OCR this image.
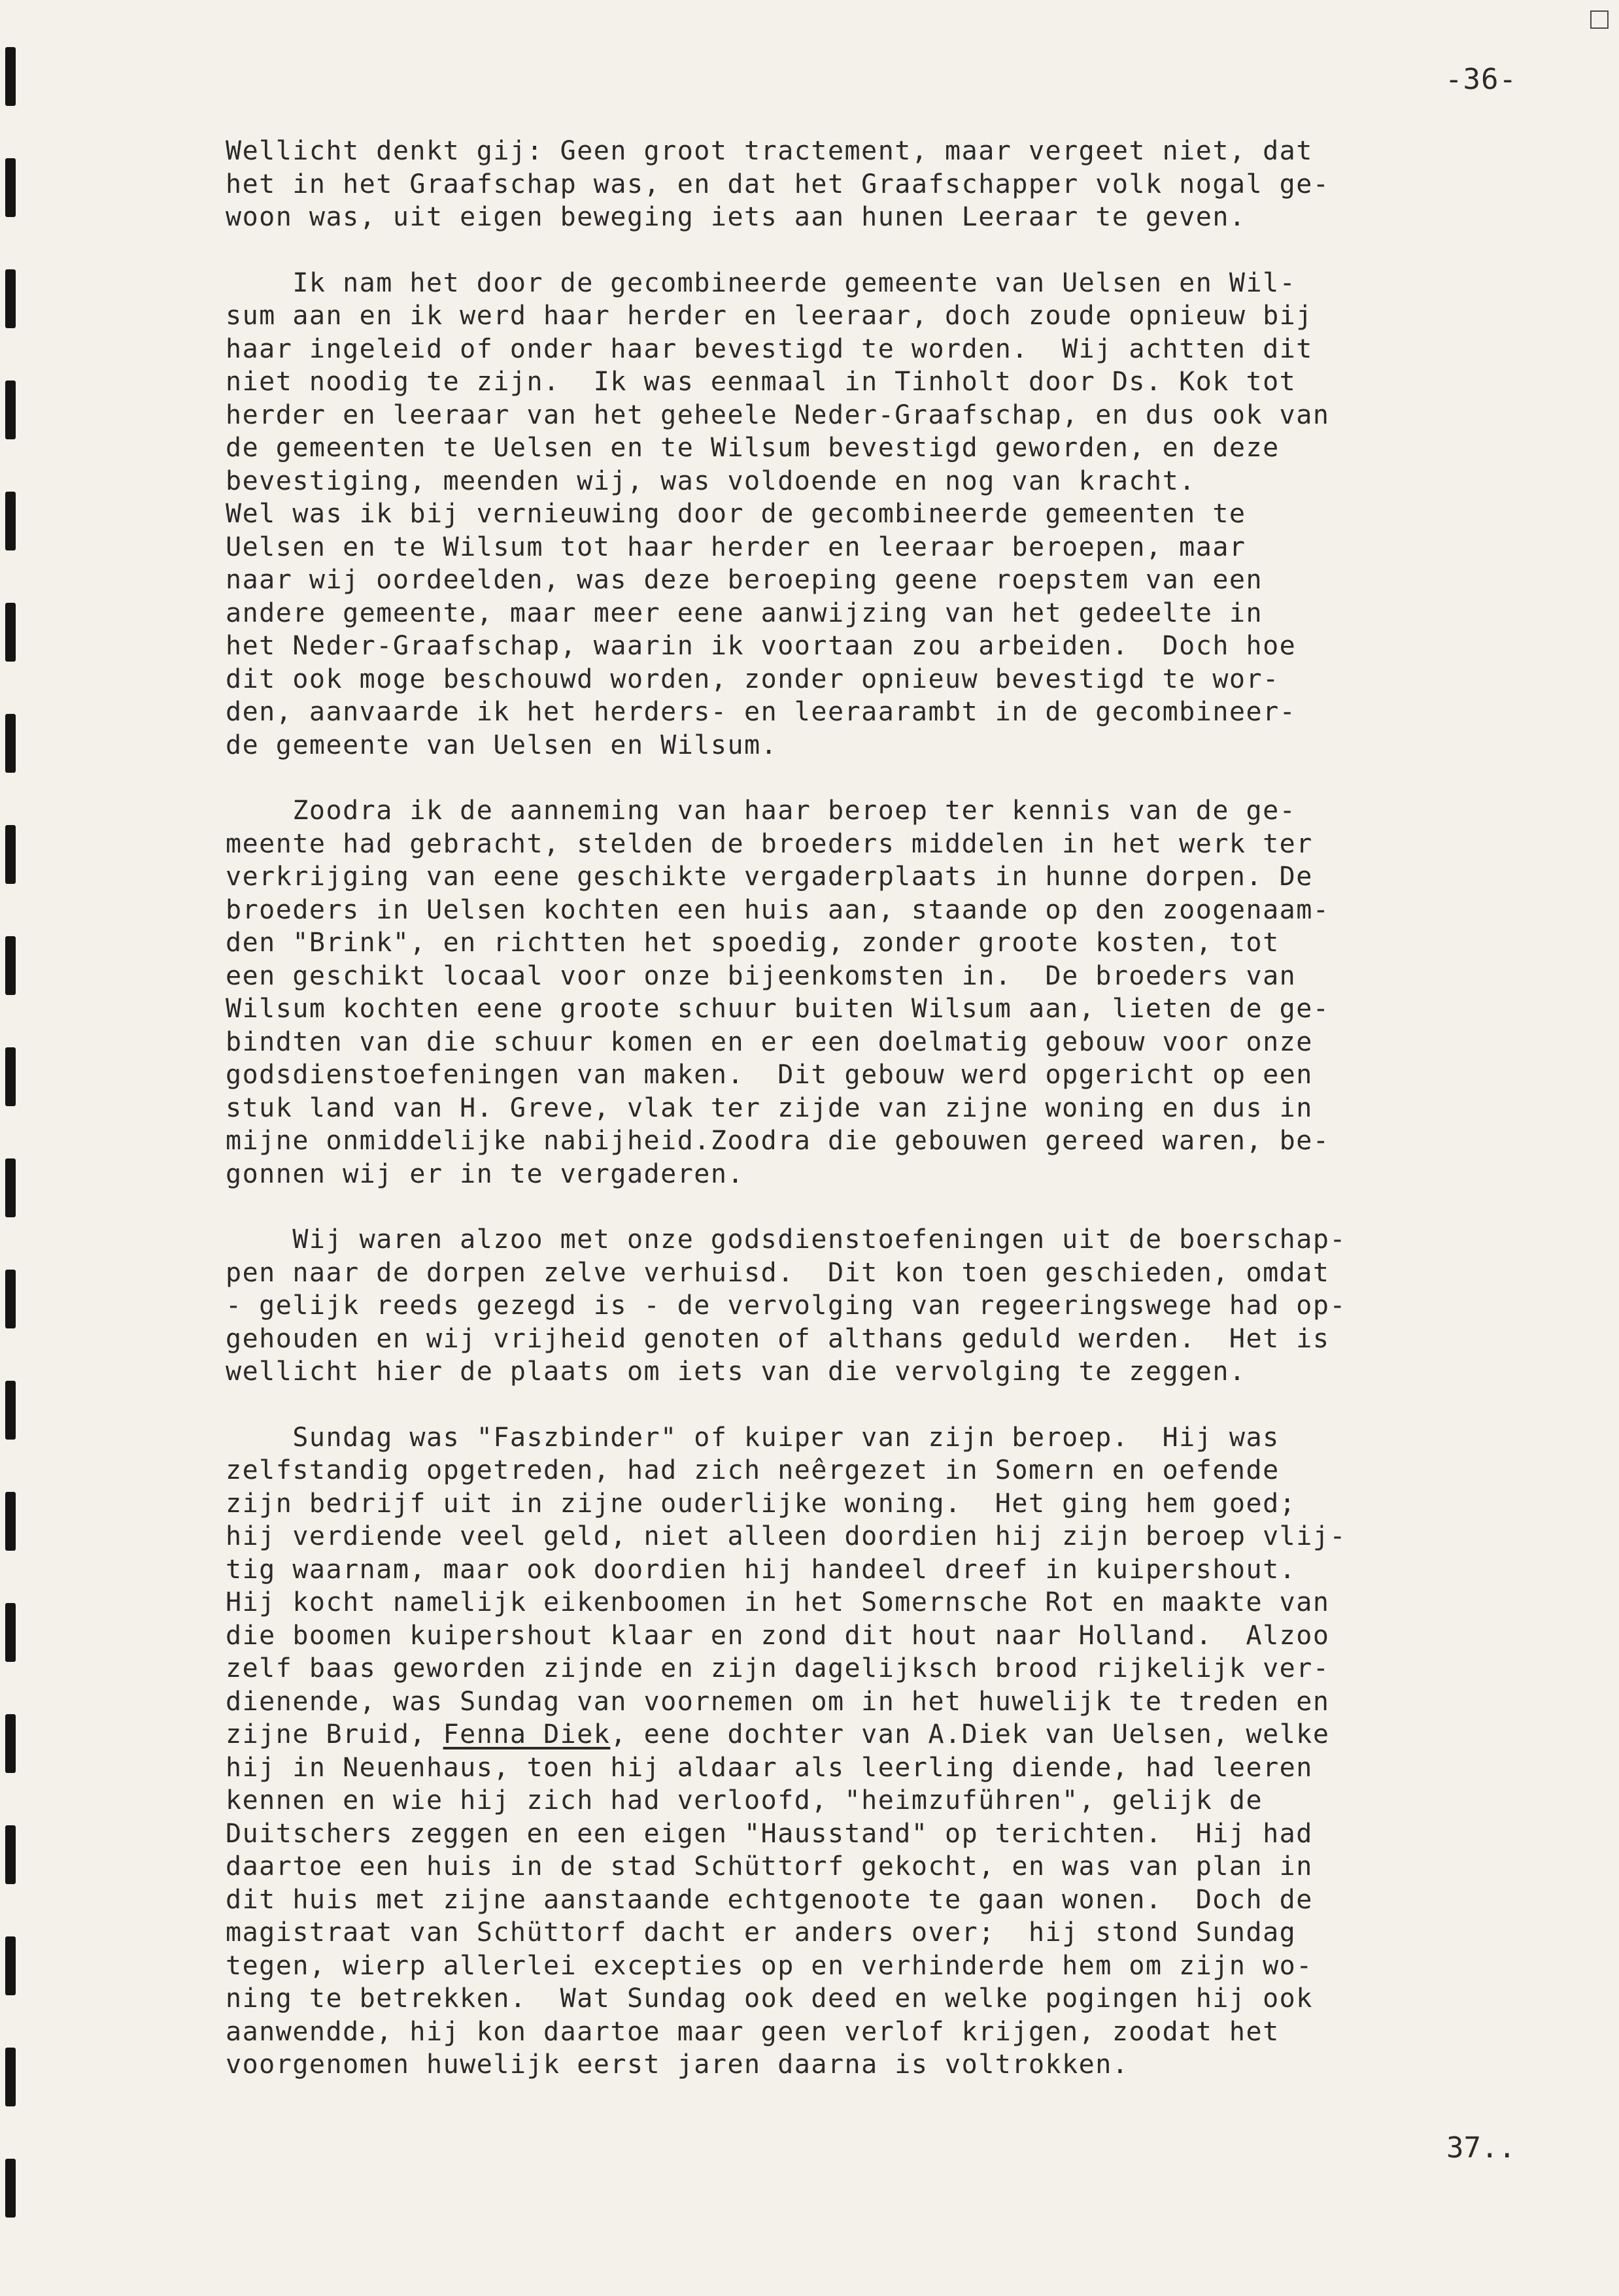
-36-
Wellicht denkt gij: Geen groot tractement, maar vergeet niet, dat
het in het Graafschap was, en dat het Graafschapper volk nogal ge-
woon was, uit eigen beweging iets aan hunen Leeraar te geven.
Ik nam het door de gecombineerde gemeente van Uelsen en Wil-
sum aan en ik werd haar herder en leeraar, doch zoude opnieuw bij
haar ingeleid of onder haar bevestigd te worden.  Wij achtten dit
niet noodig te zijn.  Ik was eenmaal in Tinholt door Ds. Kok tot
herder en leeraar van het geheele Neder-Graafschap, en dus ook van
de gemeenten te Uelsen en te Wilsum bevestigd geworden, en deze
bevestiging, meenden wij, was voldoende en nog van kracht.
Wel was ik bij vernieuwing door de gecombineerde gemeenten te
Uelsen en te Wilsum tot haar herder en leeraar beroepen, maar
naar wij oordeelden, was deze beroeping geene roepstem van een
andere gemeente, maar meer eene aanwijzing van het gedeelte in
het Neder-Graafschap, waarin ik voortaan zou arbeiden.  Doch hoe
dit ook moge beschouwd worden, zonder opnieuw bevestigd te wor-
den, aanvaarde ik het herders- en leeraarambt in de gecombineer-
de gemeente van Uelsen en Wilsum.
Zoodra ik de aanneming van haar beroep ter kennis van de ge-
meente had gebracht, stelden de broeders middelen in het werk ter
verkrijging van eene geschikte vergaderplaats in hunne dorpen. De
broeders in Uelsen kochten een huis aan, staande op den zoogenaam-
den "Brink", en richtten het spoedig, zonder groote kosten, tot
een geschikt locaal voor onze bijeenkomsten in.  De broeders van
Wilsum kochten eene groote schuur buiten Wilsum aan, lieten de ge-
bindten van die schuur komen en er een doelmatig gebouw voor onze
godsdienstoefeningen van maken.  Dit gebouw werd opgericht op een
stuk land van H. Greve, vlak ter zijde van zijne woning en dus in
mijne onmiddelijke nabijheid.Zoodra die gebouwen gereed waren, be-
gonnen wij er in te vergaderen.
Wij waren alzoo met onze godsdienstoefeningen uit de boerschap-
pen naar de dorpen zelve verhuisd.  Dit kon toen geschieden, omdat
- gelijk reeds gezegd is - de vervolging van regeeringswege had op-
gehouden en wij vrijheid genoten of althans geduld werden.  Het is
wellicht hier de plaats om iets van die vervolging te zeggen.
Sundag was "Faszbinder" of kuiper van zijn beroep.  Hij was
zelfstandig opgetreden, had zich neêrgezet in Somern en oefende
zijn bedrijf uit in zijne ouderlijke woning.  Het ging hem goed;
hij verdiende veel geld, niet alleen doordien hij zijn beroep vlij-
tig waarnam, maar ook doordien hij handeel dreef in kuipershout.
Hij kocht namelijk eikenboomen in het Somernsche Rot en maakte van
die boomen kuipershout klaar en zond dit hout naar Holland.  Alzoo
zelf baas geworden zijnde en zijn dagelijksch brood rijkelijk ver-
dienende, was Sundag van voornemen om in het huwelijk te treden en
zijne Bruid, Fenna Diek, eene dochter van A.Diek van Uelsen, welke
hij in Neuenhaus, toen hij aldaar als leerling diende, had leeren
kennen en wie hij zich had verloofd, "heimzuführen", gelijk de
Duitschers zeggen en een eigen "Hausstand" op terichten.  Hij had
daartoe een huis in de stad Schüttorf gekocht, en was van plan in
dit huis met zijne aanstaande echtgenoote te gaan wonen.  Doch de
magistraat van Schüttorf dacht er anders over;  hij stond Sundag
tegen, wierp allerlei excepties op en verhinderde hem om zijn wo-
ning te betrekken.  Wat Sundag ook deed en welke pogingen hij ook
aanwendde, hij kon daartoe maar geen verlof krijgen, zoodat het
voorgenomen huwelijk eerst jaren daarna is voltrokken.
37..
